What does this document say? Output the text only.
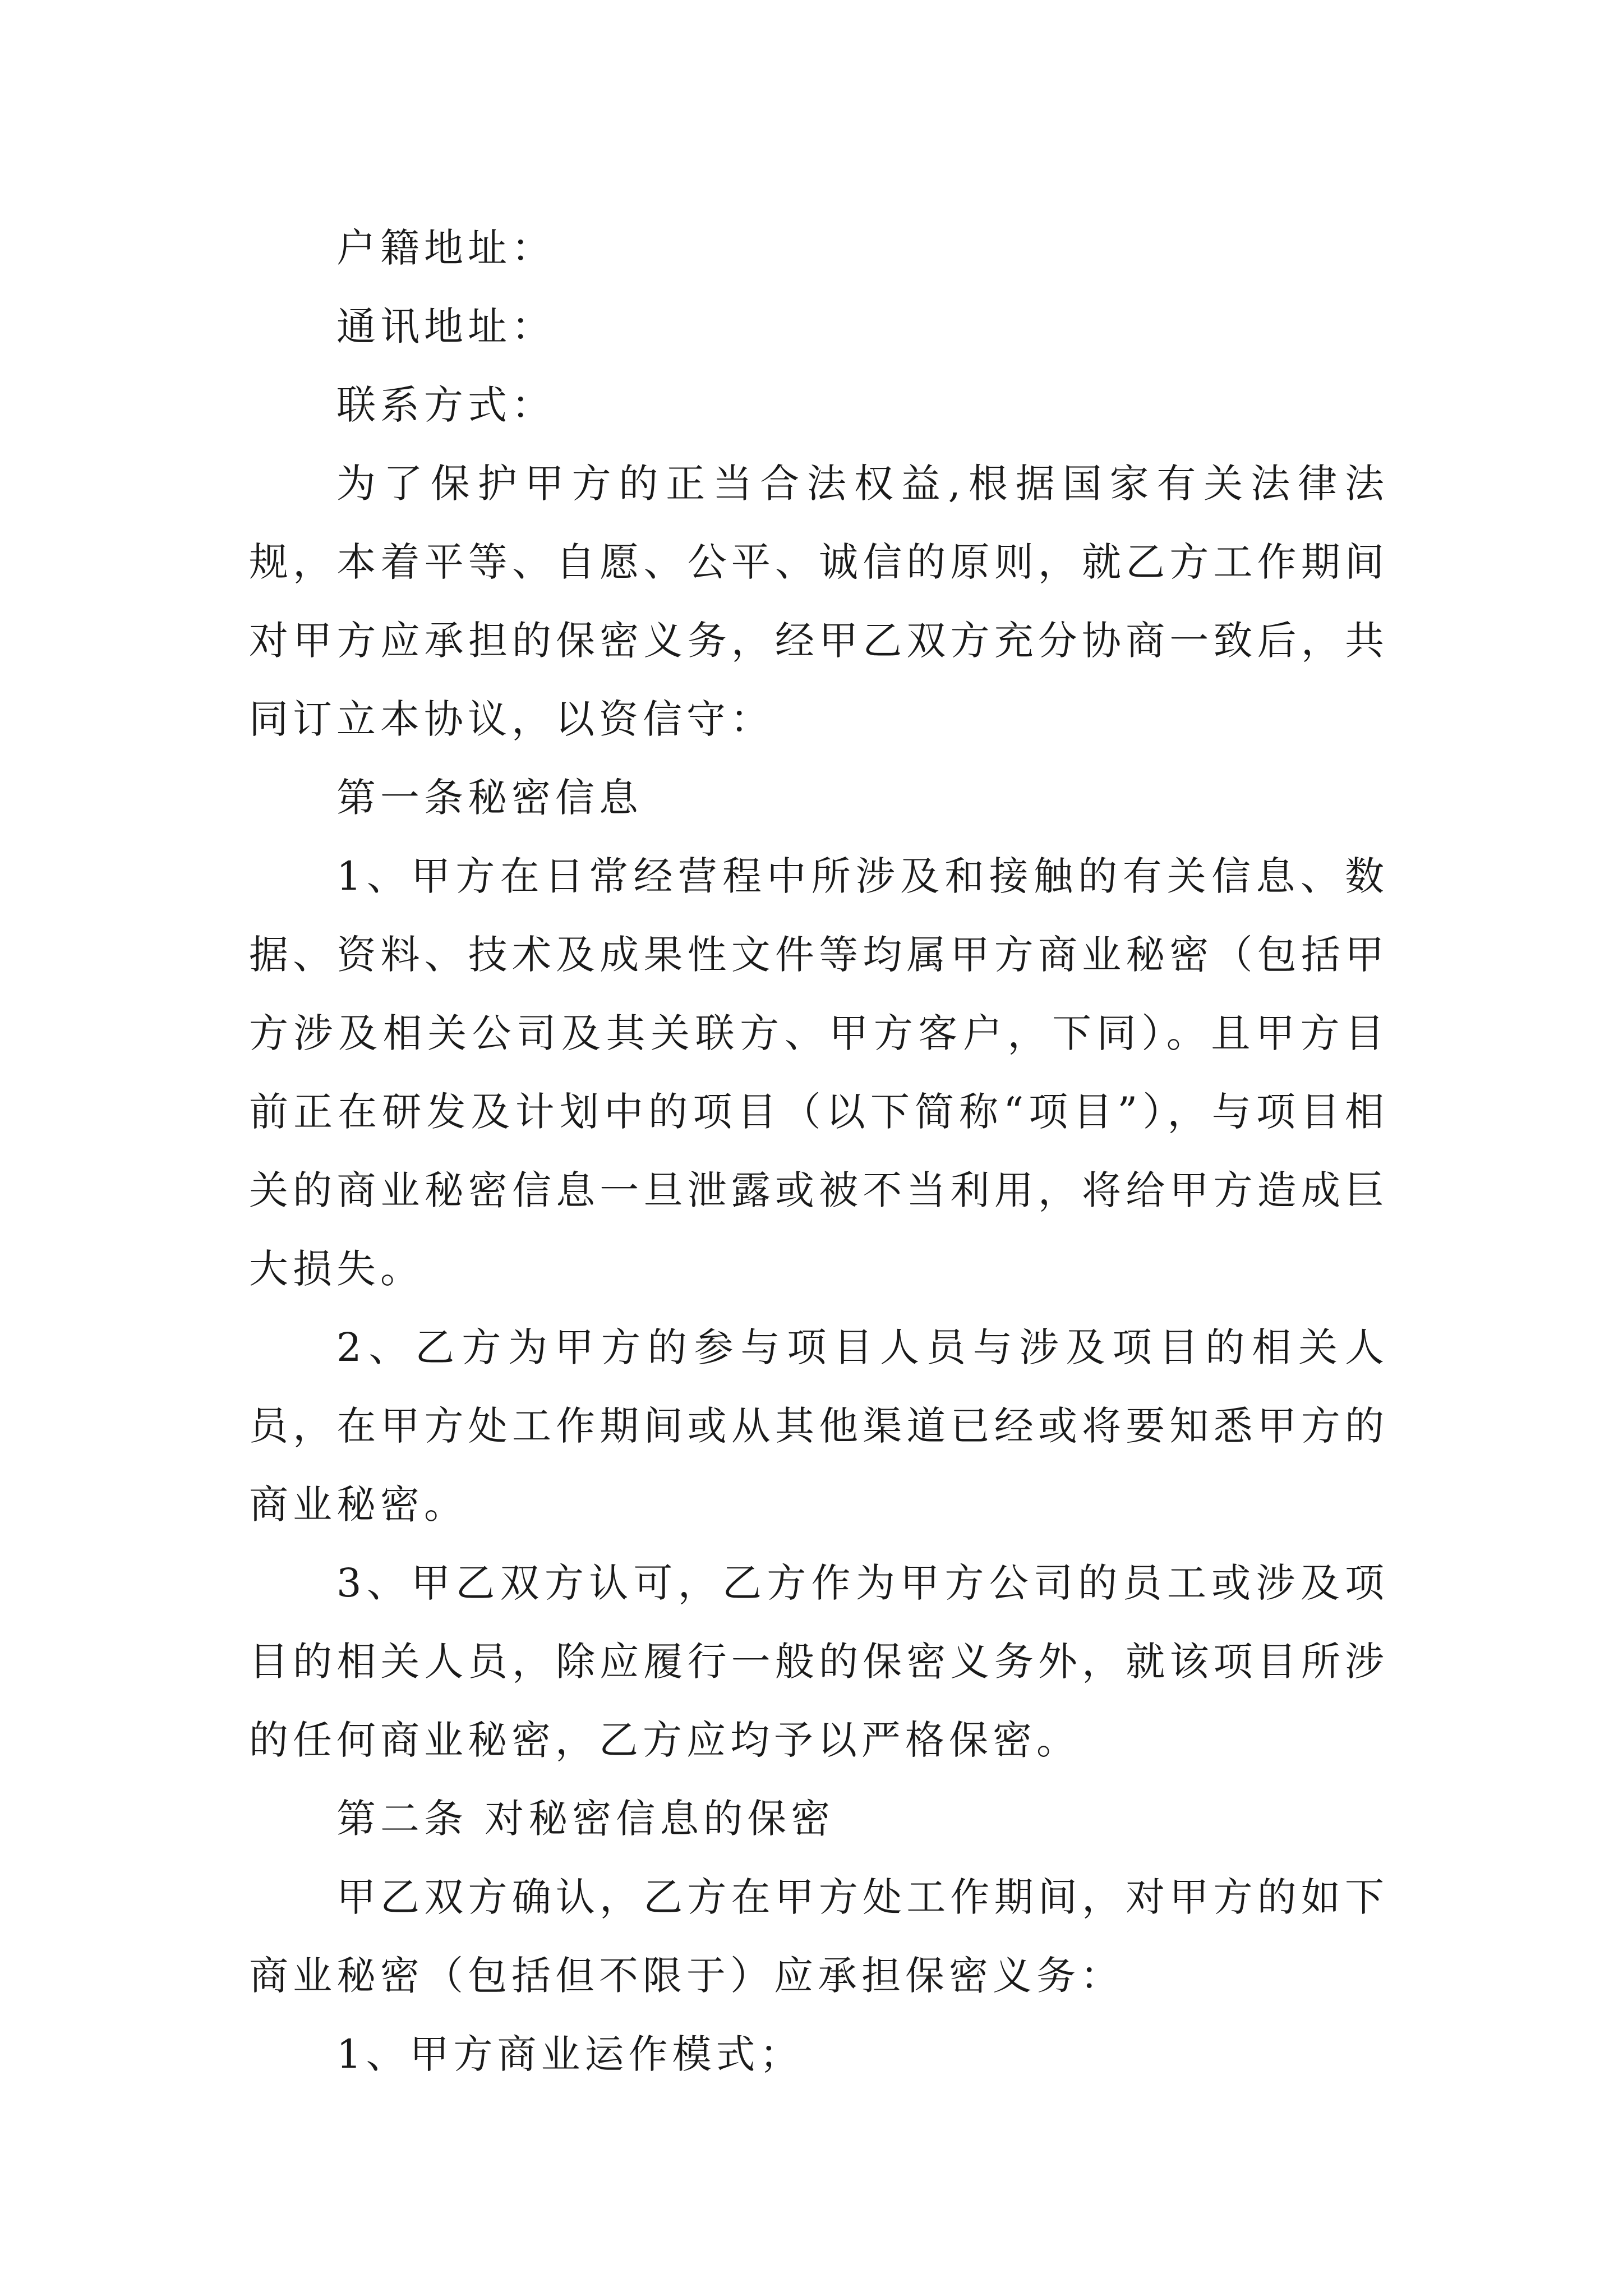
户籍地址：

通讯地址：

联系方式：

为了保护甲方的正当合法权益,根据国家有关法律法规，本着平等、自愿、公平、诚信的原则，就乙方工作期间对甲方应承担的保密义务，经甲乙双方充分协商一致后，共同订立本协议，以资信守：

第一条秘密信息

1、甲方在日常经营程中所涉及和接触的有关信息、数据、资料、技术及成果性文件等均属甲方商业秘密（包括甲方涉及相关公司及其关联方、甲方客户，下同）。且甲方目前正在研发及计划中的项目（以下简称“项目”），与项目相关的商业秘密信息一旦泄露或被不当利用，将给甲方造成巨大损失。

2、乙方为甲方的参与项目人员与涉及项目的相关人员，在甲方处工作期间或从其他渠道已经或将要知悉甲方的商业秘密。

3、甲乙双方认可，乙方作为甲方公司的员工或涉及项目的相关人员，除应履行一般的保密义务外，就该项目所涉的任何商业秘密，乙方应均予以严格保密。

第二条 对秘密信息的保密

甲乙双方确认，乙方在甲方处工作期间，对甲方的如下商业秘密（包括但不限于）应承担保密义务：

1、甲方商业运作模式；
